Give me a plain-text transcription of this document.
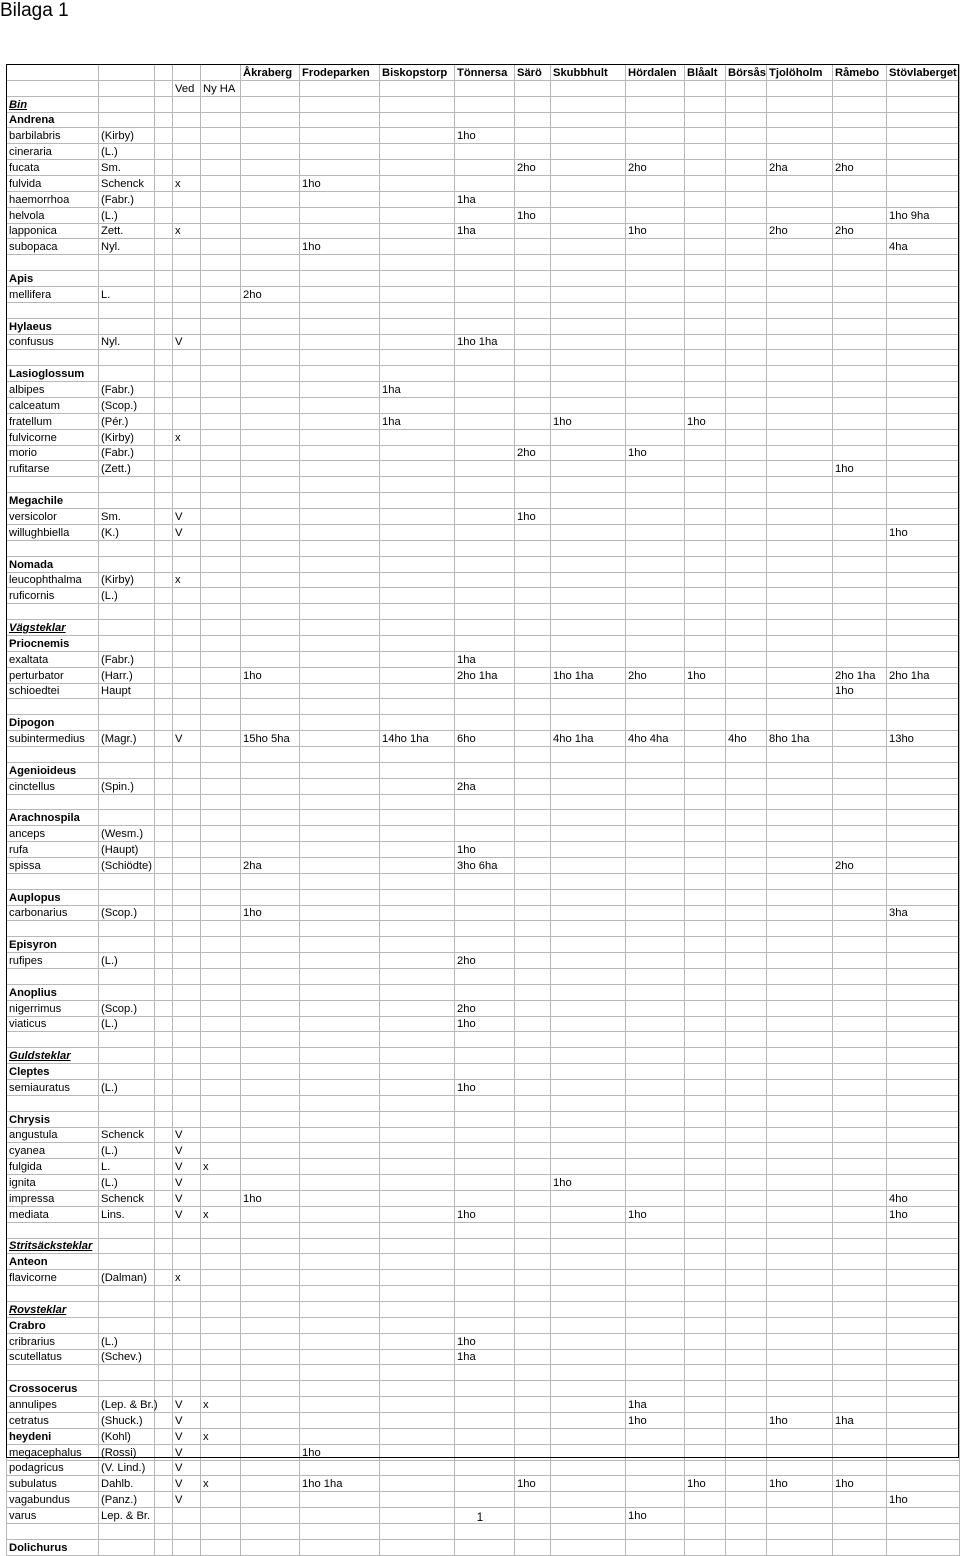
Bilaga 1
					Åkraberg	Frodeparken	Biskopstorp	Tönnersa	Särö	Skubbhult	Hördalen	Blåalt	Börsås	Tjolöholm	Råmebo	Stövlaberget
			Ved	Ny HA												
Bin																
Andrena																
barbilabris	(Kirby)							1ho								
cineraria	(L.)															
fucata	Sm.								2ho		2ho			2ha	2ho	
fulvida	Schenck		x			1ho										
haemorrhoa	(Fabr.)							1ha								
helvola	(L.)								1ho							1ho 9ha
lapponica	Zett.		x					1ha			1ho			2ho	2ho	
subopaca	Nyl.					1ho										4ha

Apis																
mellifera	L.				2ho											

Hylaeus																
confusus	Nyl.		V					1ho 1ha								

Lasioglossum																
albipes	(Fabr.)						1ha									
calceatum	(Scop.)															
fratellum	(Pér.)						1ha			1ho		1ho				
fulvicorne	(Kirby)		x													
morio	(Fabr.)								2ho		1ho					
rufitarse	(Zett.)														1ho	

Megachile																
versicolor	Sm.		V						1ho							
willughbiella	(K.)		V													1ho

Nomada																
leucophthalma	(Kirby)		x													
ruficornis	(L.)															

Vägsteklar																
Priocnemis																
exaltata	(Fabr.)							1ha								
perturbator	(Harr.)				1ho			2ho 1ha		1ho 1ha	2ho	1ho			2ho 1ha	2ho 1ha
schioedtei	Haupt														1ho	

Dipogon																
subintermedius	(Magr.)		V		15ho 5ha		14ho 1ha	6ho		4ho 1ha	4ho 4ha		4ho	8ho 1ha		13ho

Agenioideus																
cinctellus	(Spin.)							2ha								

Arachnospila																
anceps	(Wesm.)															
rufa	(Haupt)							1ho								
spissa	(Schiödte)				2ha			3ho 6ha							2ho	

Auplopus																
carbonarius	(Scop.)				1ho											3ha

Episyron																
rufipes	(L.)							2ho								

Anoplius																
nigerrimus	(Scop.)							2ho								
viaticus	(L.)							1ho								

Guldsteklar																
Cleptes																
semiauratus	(L.)							1ho								

Chrysis																
angustula	Schenck		V													
cyanea	(L.)		V													
fulgida	L.		V	x												
ignita	(L.)		V							1ho						
impressa	Schenck		V		1ho											4ho
mediata	Lins.		V	x				1ho			1ho					1ho

Stritsäcksteklar																
Anteon																
flavicorne	(Dalman)		x													

Rovsteklar																
Crabro																
cribrarius	(L.)							1ho								
scutellatus	(Schev.)							1ha								

Crossocerus																
annulipes	(Lep. & Br.)		V	x							1ha					
cetratus	(Shuck.)		V								1ho			1ho	1ha	
heydeni	(Kohl)		V	x												
megacephalus	(Rossi)		V			1ho										
podagricus	(V. Lind.)		V													
subulatus	Dahlb.		V	x		1ho 1ha			1ho			1ho		1ho	1ho	
vagabundus	(Panz.)		V													1ho
varus	Lep. & Br.										1ho					

Dolichurus																
1
